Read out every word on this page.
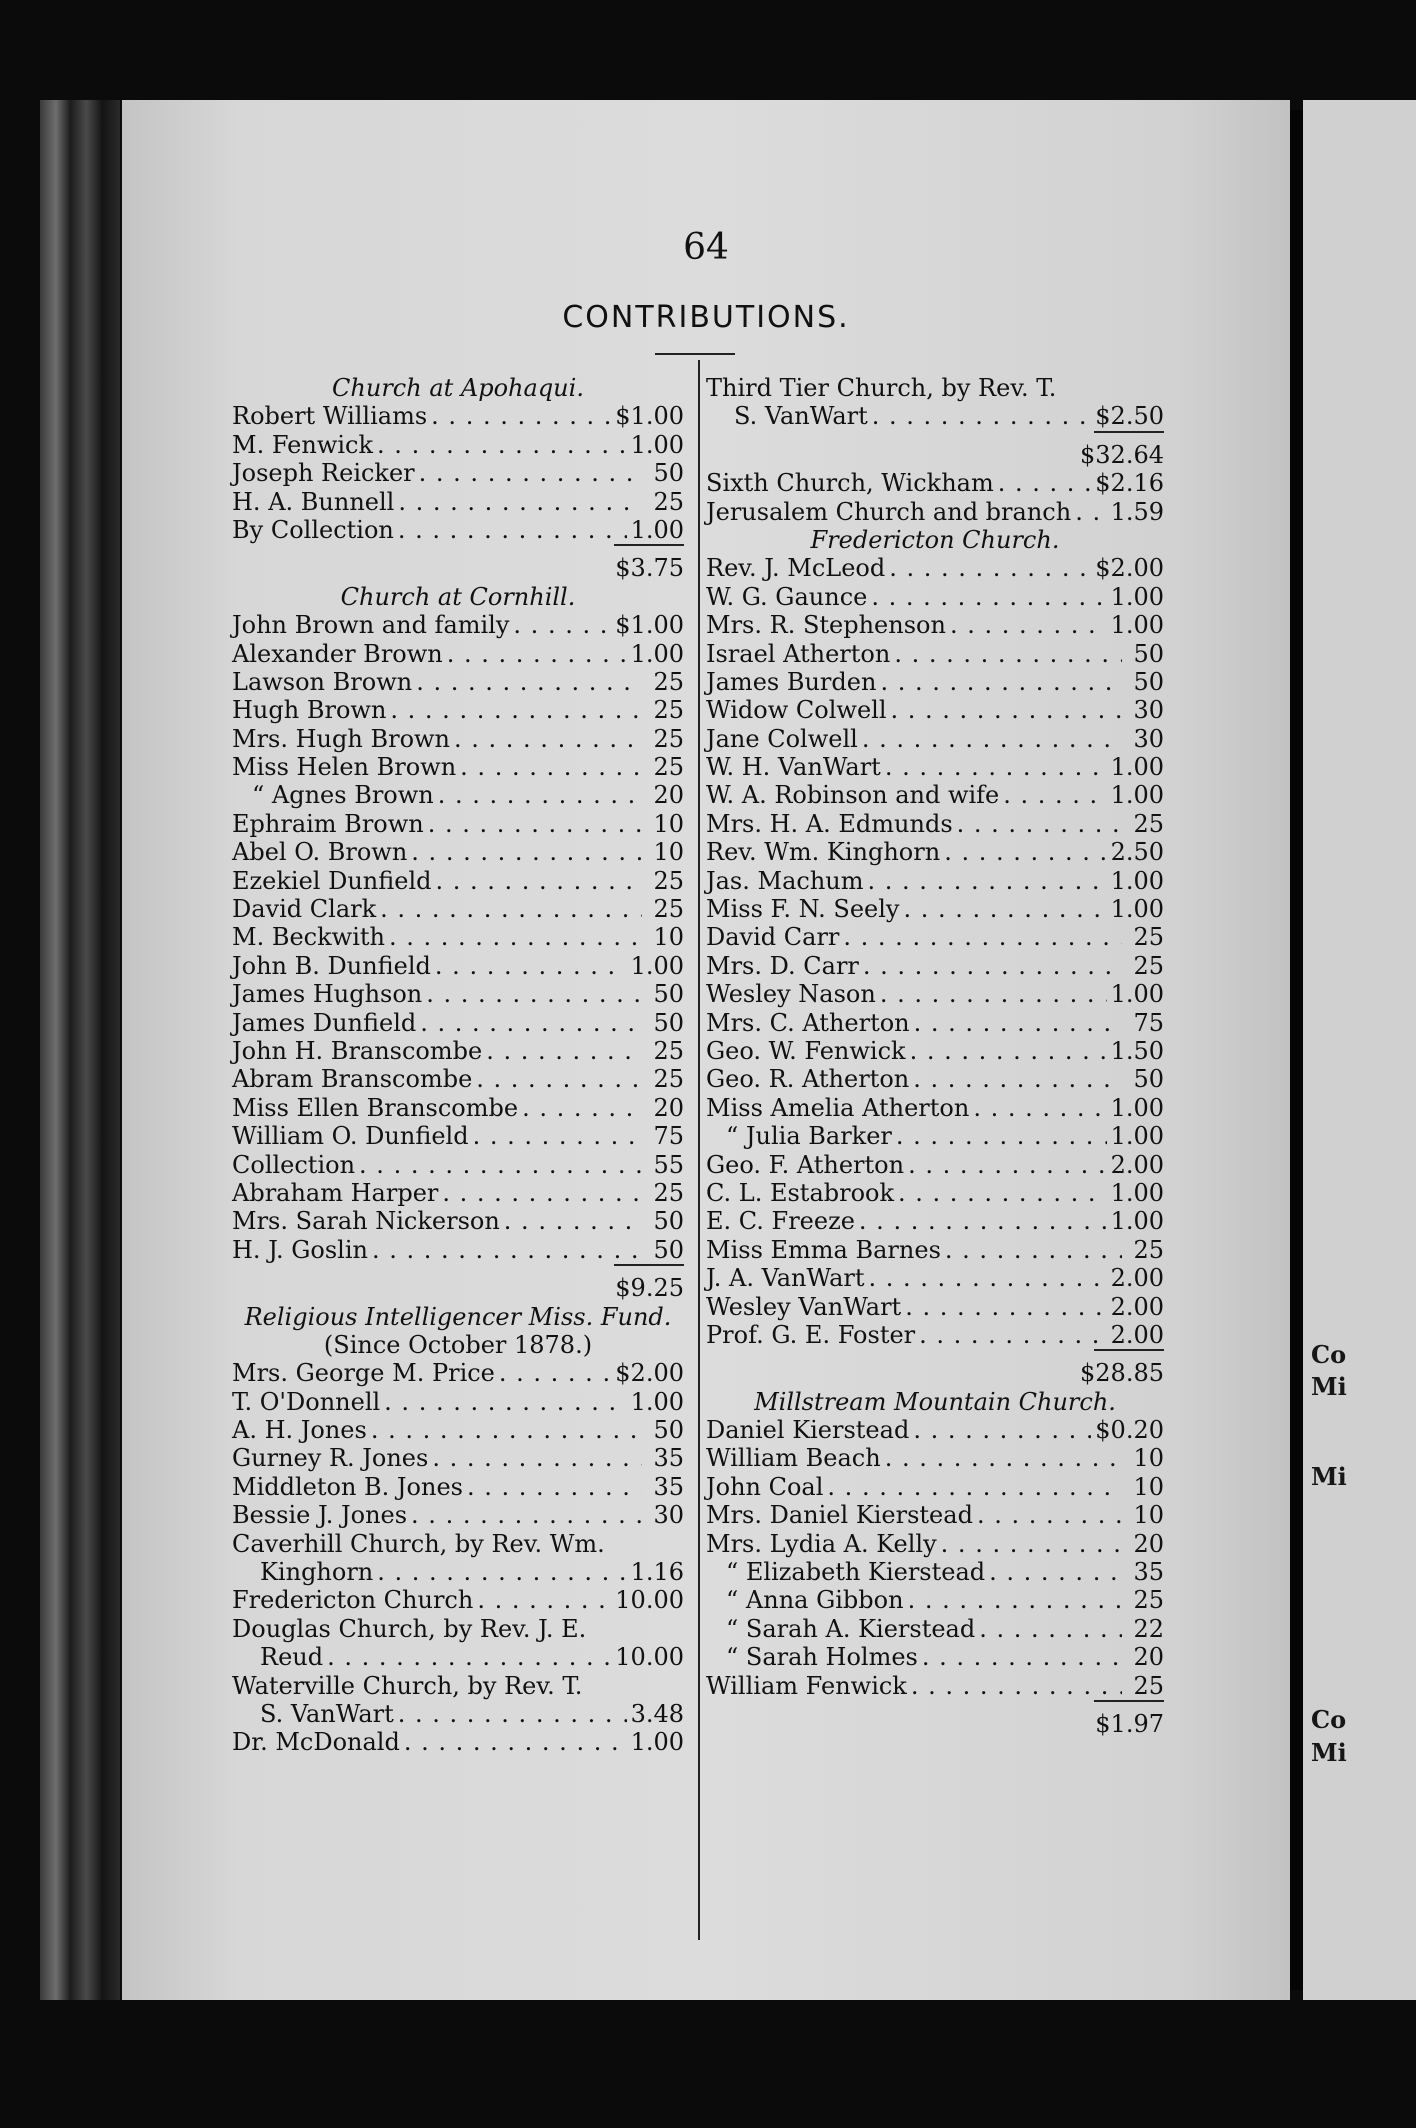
64
CONTRIBUTIONS.
Church at Apohaqui.
Robert Williams . . .	$1.00
M. Fenwick . . .	1.00
Joseph Reicker . . .	50
H. A. Bunnell . . .	25
By Collection . . .	1.00
$3.75
Church at Cornhill.
John Brown and family . . .	$1.00
Alexander Brown . . .	1.00
Lawson Brown . . .	25
Hugh Brown . . .	25
Mrs. Hugh Brown . . .	25
Miss Helen Brown . . .	25
“ Agnes Brown . . .	20
Ephraim Brown . . .	10
Abel O. Brown . . .	10
Ezekiel Dunfield . . .	25
David Clark . . .	25
M. Beckwith . . .	10
John B. Dunfield . . .	1.00
James Hughson . . .	50
James Dunfield . . .	50
John H. Branscombe . . .	25
Abram Branscombe . . .	25
Miss Ellen Branscombe . . .	20
William O. Dunfield . . .	75
Collection . . .	55
Abraham Harper . . .	25
Mrs. Sarah Nickerson . . .	50
H. J. Goslin . . .	50
$9.25
Religious Intelligencer Miss. Fund.
(Since October 1878.)
Mrs. George M. Price . . .	$2.00
T. O'Donnell . . .	1.00
A. H. Jones . . .	50
Gurney R. Jones . . .	35
Middleton B. Jones . . .	35
Bessie J. Jones . . .	30
Caverhill Church, by Rev. Wm.
Kinghorn . . .	1.16
Fredericton Church . . .	10.00
Douglas Church, by Rev. J. E.
Reud . . .	10.00
Waterville Church, by Rev. T.
S. VanWart . . .	3.48
Dr. McDonald . . .	1.00
Third Tier Church, by Rev. T.
S. VanWart . . .	$2.50
$32.64
Sixth Church, Wickham . . .	$2.16
Jerusalem Church and branch . . . 1.59
Fredericton Church.
Rev. J. McLeod . . .	$2.00
W. G. Gaunce . . .	1.00
Mrs. R. Stephenson . . .	1.00
Israel Atherton . . .	50
James Burden . . .	50
Widow Colwell . . .	30
Jane Colwell . . .	30
W. H. VanWart . . .	1.00
W. A. Robinson and wife . . .	1.00
Mrs. H. A. Edmunds . . .	25
Rev. Wm. Kinghorn . . .	2.50
Jas. Machum . . .	1.00
Miss F. N. Seely . . .	1.00
David Carr . . .	25
Mrs. D. Carr . . .	25
Wesley Nason . . .	1.00
Mrs. C. Atherton . . .	75
Geo. W. Fenwick . . .	1.50
Geo. R. Atherton . . .	50
Miss Amelia Atherton . . .	1.00
“ Julia Barker . . .	1.00
Geo. F. Atherton . . .	2.00
C. L. Estabrook . . .	1.00
E. C. Freeze . . .	1.00
Miss Emma Barnes . . .	25
J. A. VanWart . . .	2.00
Wesley VanWart . . .	2.00
Prof. G. E. Foster . . .	2.00
$28.85
Millstream Mountain Church.
Daniel Kierstead . . .	$0.20
William Beach . . .	10
John Coal . . .	10
Mrs. Daniel Kierstead . . .	10
Mrs. Lydia A. Kelly . . .	20
“ Elizabeth Kierstead . . .	35
“ Anna Gibbon . . .	25
“ Sarah A. Kierstead . . .	22
“ Sarah Holmes . . .	20
William Fenwick . . .	25
$1.97
Co
Mi
Mi
Co
Mi
